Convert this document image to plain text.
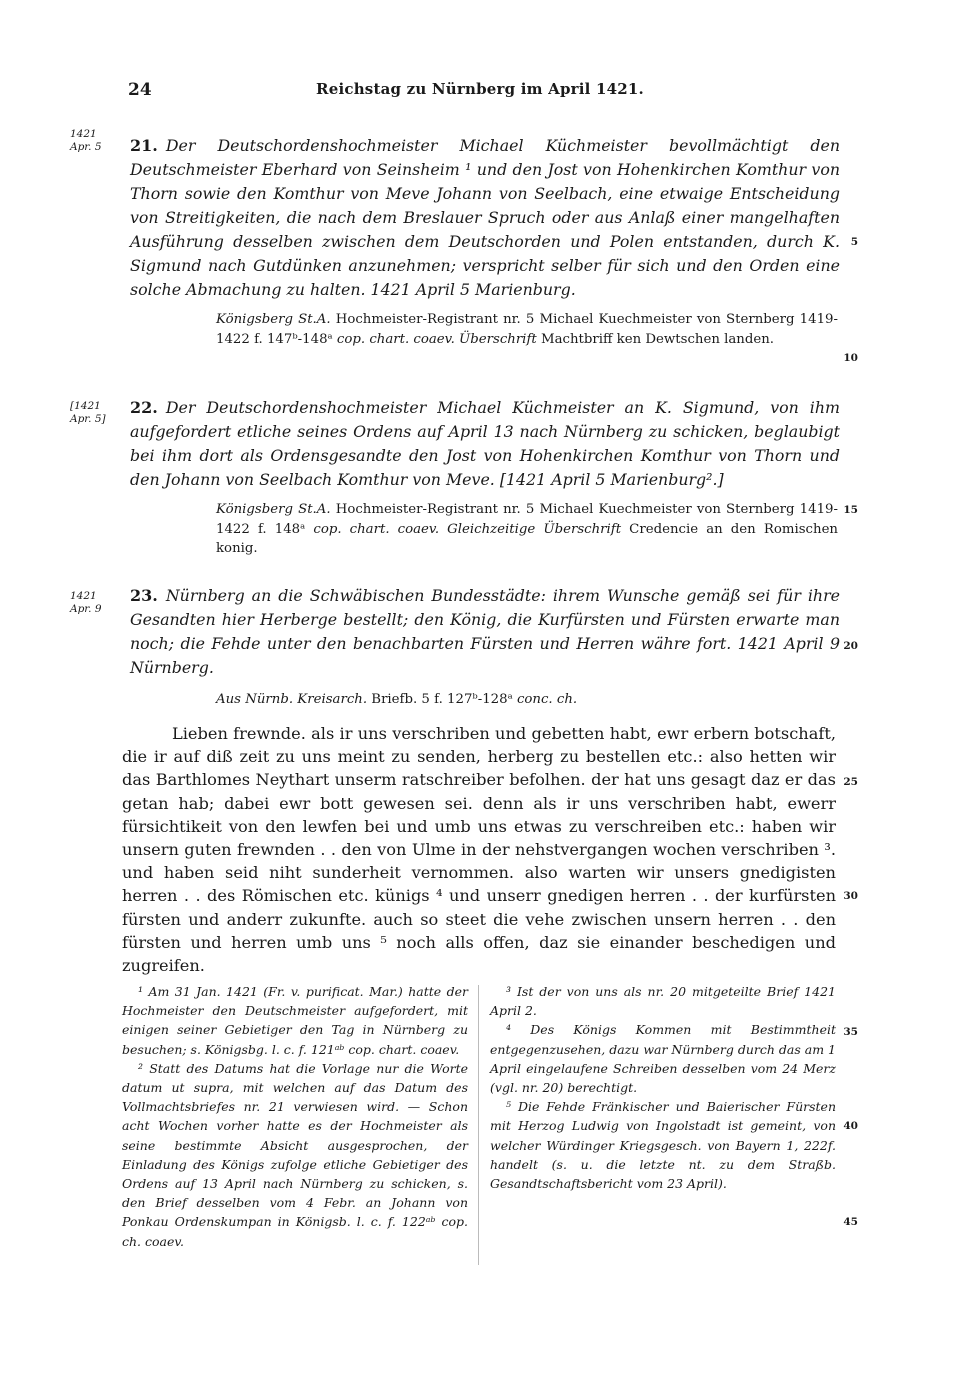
24	Reichstag zu Nürnberg im April 1421.
1421
Apr. 5	21. Der Deutschordenshochmeister Michael Küchmeister bevollmächtigt den Deutschmeister Eberhard von Seinsheim ¹ und den Jost von Hohenkirchen Komthur von Thorn sowie den Komthur von Meve Johann von Seelbach, eine etwaige Entscheidung von Streitigkeiten, die nach dem Breslauer Spruch oder aus Anlaß einer mangelhaften Ausführung desselben zwischen dem Deutschorden und Polen entstanden, durch K. Sigmund nach Gutdünken anzunehmen; verspricht selber für sich und den Orden eine solche Abmachung zu halten. 1421 April 5 Marienburg.
Königsberg St.A. Hochmeister-Registrant nr. 5 Michael Kuechmeister von Sternberg 1419-1422 f. 147ᵇ-148ᵃ cop. chart. coaev. Überschrift Machtbriff ken Dewtschen landen.
[1421
Apr. 5]
22. Der Deutschordenshochmeister Michael Küchmeister an K. Sigmund, von ihm aufgefordert etliche seines Ordens auf April 13 nach Nürnberg zu schicken, beglaubigt bei ihm dort als Ordensgesandte den Jost von Hohenkirchen Komthur von Thorn und den Johann von Seelbach Komthur von Meve. [1421 April 5 Marienburg².]
Königsberg St.A. Hochmeister-Registrant nr. 5 Michael Kuechmeister von Sternberg 1419-1422 f. 148ᵃ cop. chart. coaev. Gleichzeitige Überschrift Credencie an den Romischen konig.
1421
Apr. 9
23. Nürnberg an die Schwäbischen Bundesstädte: ihrem Wunsche gemäß sei für ihre Gesandten hier Herberge bestellt; den König, die Kurfürsten und Fürsten erwarte man noch; die Fehde unter den benachbarten Fürsten und Herren währe fort. 1421 April 9 Nürnberg.
Aus Nürnb. Kreisarch. Briefb. 5 f. 127ᵇ-128ᵃ conc. ch.

Lieben frewnde. als ir uns verschriben und gebetten habt, ewr erbern botschaft, die ir auf diß zeit zu uns meint zu senden, herberg zu bestellen etc.: also hetten wir das Barthlomes Neythart unserm ratschreiber befolhen. der hat uns gesagt daz er das getan hab; dabei ewr bott gewesen sei. denn als ir uns verschriben habt, ewerr fürsichtikeit von den lewfen bei und umb uns etwas zu verschreiben etc.: haben wir unsern guten frewnden . . den von Ulme in der nehstvergangen wochen verschriben ³. und haben seid niht sunderheit vernommen. also warten wir unsers gnedigisten herren . . des Römischen etc. künigs ⁴ und unserr gnedigen herren . . der kurfürsten fürsten und anderr zukunfte. auch so steet die vehe zwischen unsern herren . . den fürsten und herren umb uns ⁵ noch alls offen, daz sie einander beschedigen und zugreifen.

5
10
15
20
25
30
35
40
45

¹ Am 31 Jan. 1421 (Fr. v. purificat. Mar.) hatte der Hochmeister den Deutschmeister aufgefordert, mit einigen seiner Gebietiger den Tag in Nürnberg zu besuchen; s. Königsbg. l. c. f. 121ᵃᵇ cop. chart. coaev.

² Statt des Datums hat die Vorlage nur die Worte datum ut supra, mit welchen auf das Datum des Vollmachtsbriefes nr. 21 verwiesen wird. — Schon acht Wochen vorher hatte es der Hochmeister als seine bestimmte Absicht ausgesprochen, der Einladung des Königs zufolge etliche Gebietiger des Ordens auf 13 April nach Nürnberg zu schicken, s. den Brief desselben vom 4 Febr. an Johann von Ponkau Ordenskumpan in Königsb. l. c. f. 122ᵃᵇ cop. ch. coaev.

³ Ist der von uns als nr. 20 mitgeteilte Brief 1421 April 2.

⁴ Des Königs Kommen mit Bestimmtheit entgegenzusehen, dazu war Nürnberg durch das am 1 April eingelaufene Schreiben desselben vom 24 Merz (vgl. nr. 20) berechtigt.

⁵ Die Fehde Fränkischer und Baierischer Fürsten mit Herzog Ludwig von Ingolstadt ist gemeint, von welcher Würdinger Kriegsgesch. von Bayern 1, 222f. handelt (s. u. die letzte nt. zu dem Straßb. Gesandtschaftsbericht vom 23 April).
